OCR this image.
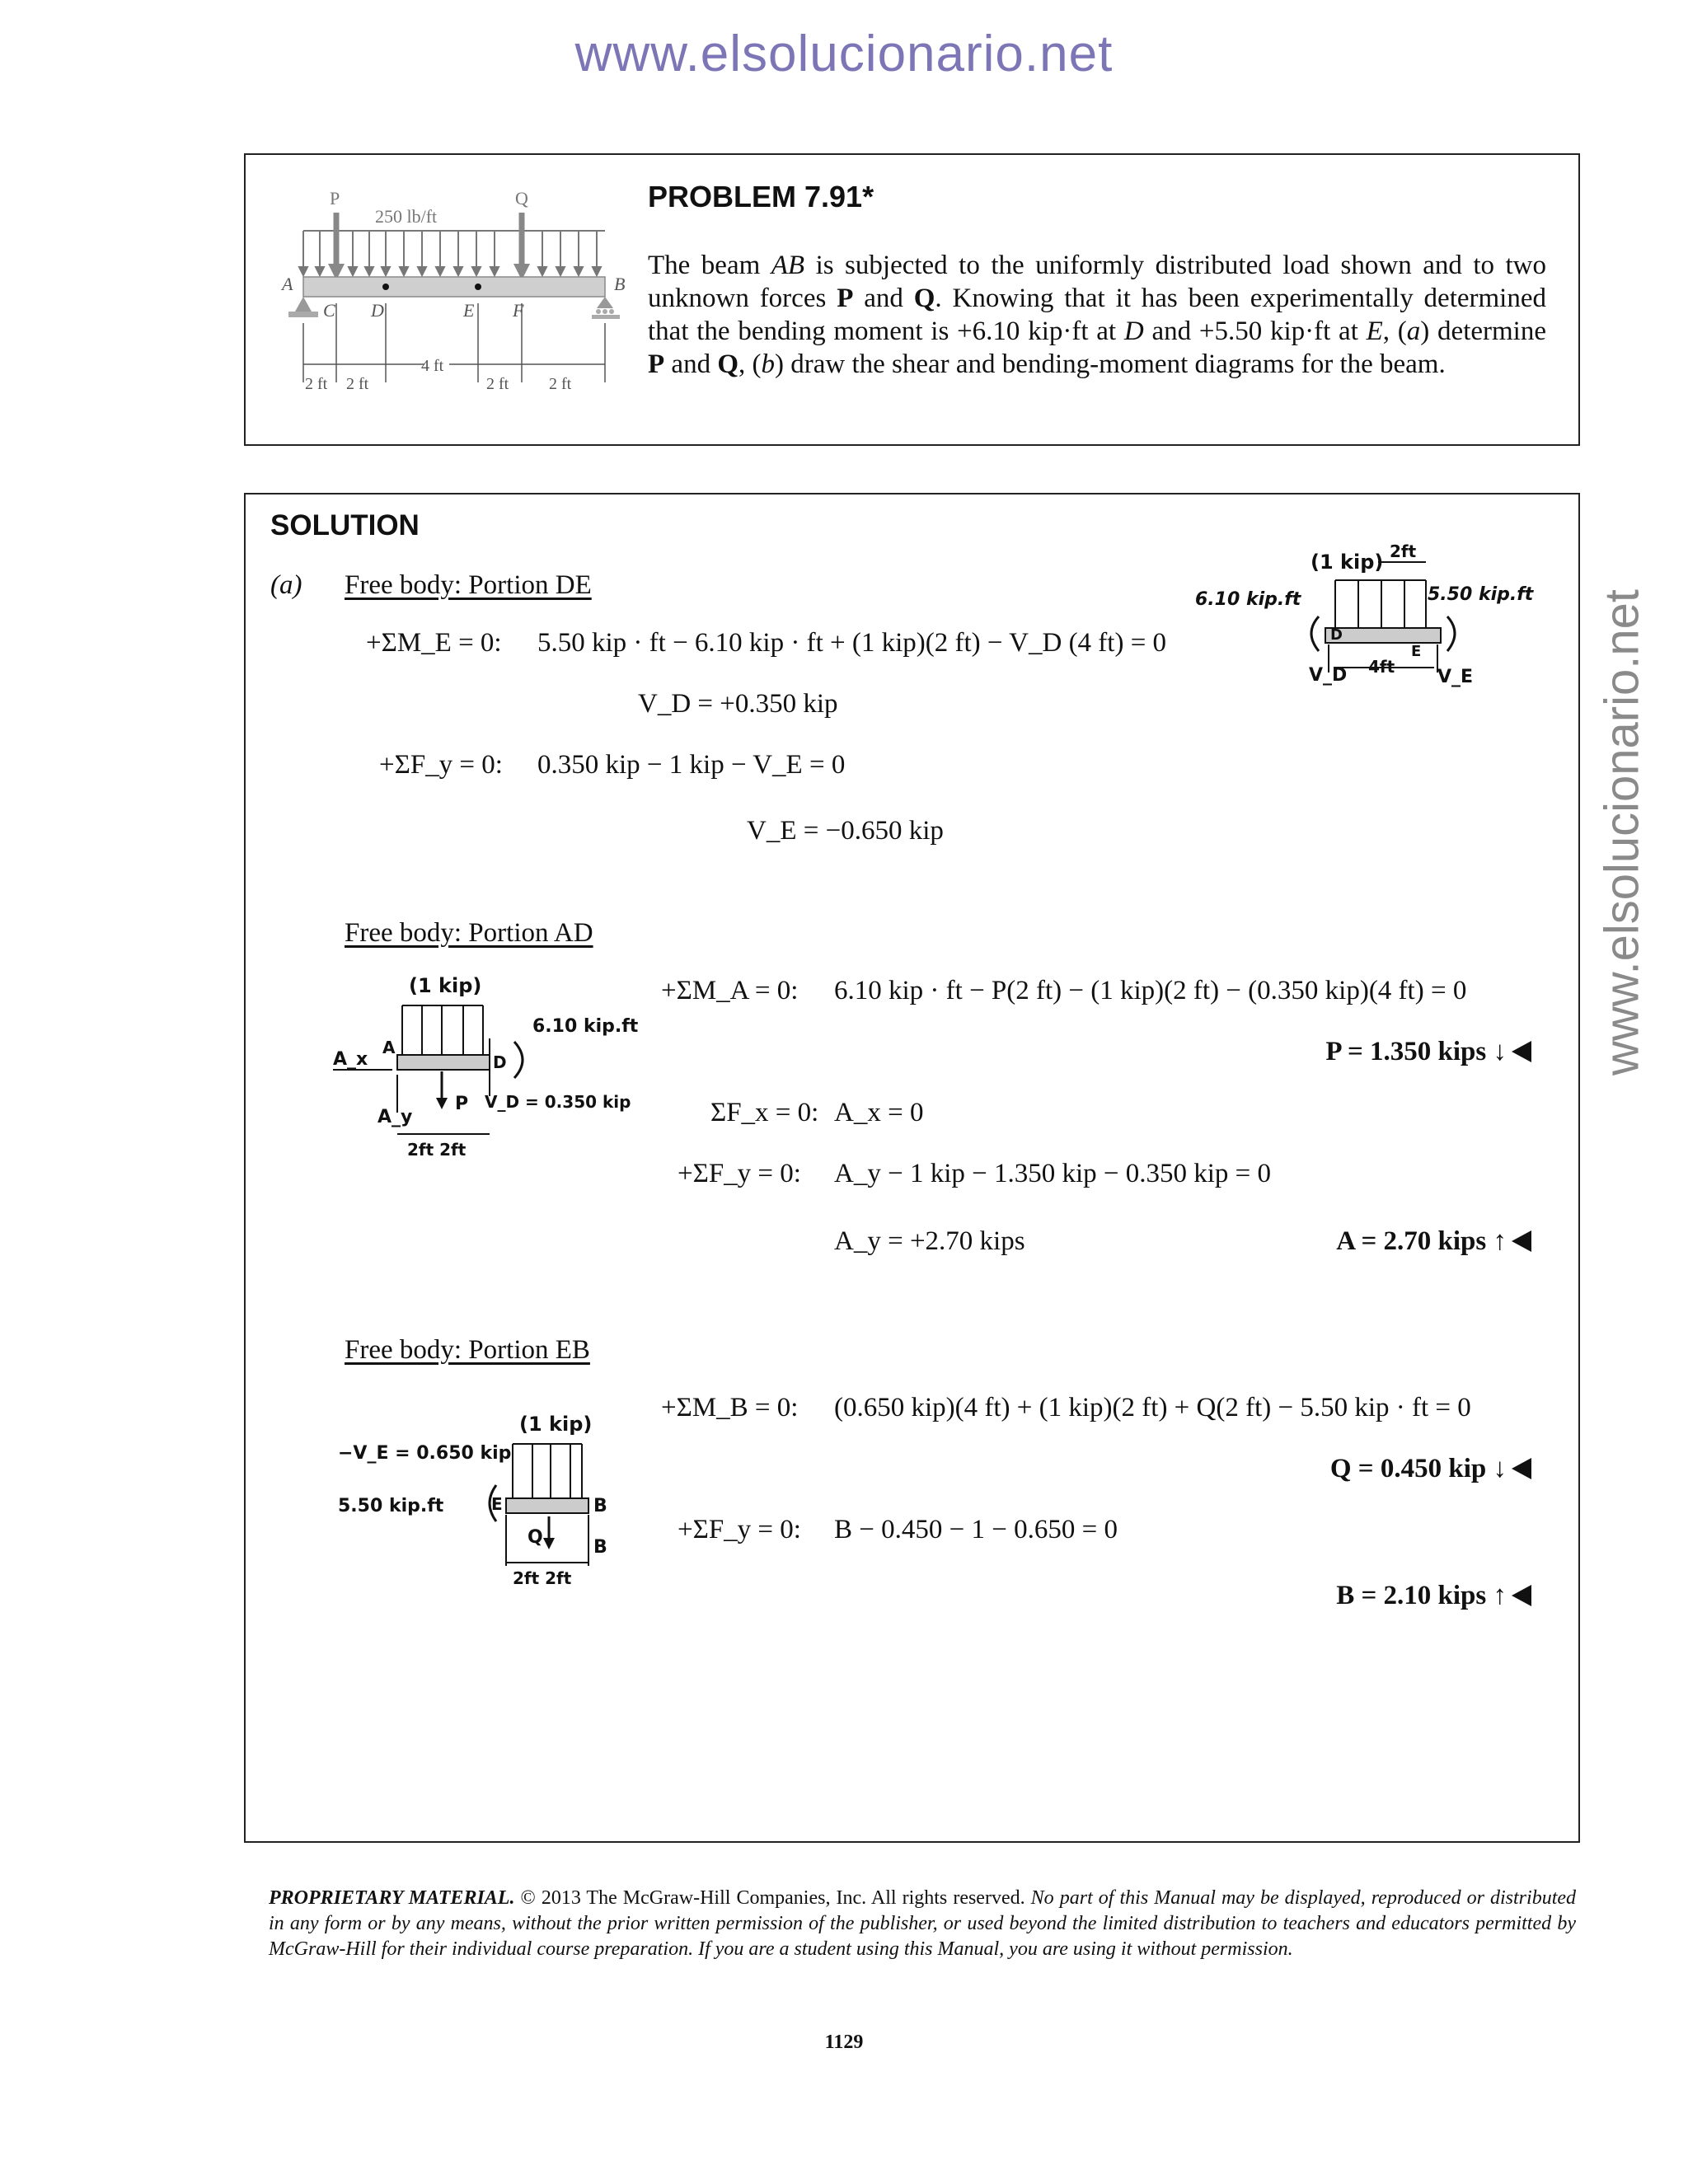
www.elsolucionario.net
www.elsolucionario.net
P	Q
250 lb/ft
A	B
C D	E F
2 ft 2 ft
4 ft
2 ft 2 ft
PROBLEM 7.91*
The beam AB is subjected to the uniformly distributed load shown and to two unknown forces P and Q. Knowing that it has been experimentally determined that the bending moment is +6.10 kip·ft at D and +5.50 kip·ft at E, (a) determine P and Q, (b) draw the shear and bending-moment diagrams for the beam.
SOLUTION
(a) Free body: Portion DE
+ΣM_E = 0: 5.50 kip · ft − 6.10 kip · ft + (1 kip)(2 ft) − V_D (4 ft) = 0
V_D = +0.350 kip
+ΣF_y = 0: 0.350 kip − 1 kip − V_E = 0
V_E = −0.650 kip
(1 kip) 2ft
6.10 kip.ft	5.50 kip.ft
D
E
V_D 4ft V_E
Free body: Portion AD
+ΣM_A = 0: 6.10 kip · ft − P(2 ft) − (1 kip)(2 ft) − (0.350 kip)(4 ft) = 0
P = 1.350 kips ↓
ΣF_x = 0: A_x = 0
+ΣF_y = 0: A_y − 1 kip − 1.350 kip − 0.350 kip = 0
A_y = +2.70 kips	A = 2.70 kips ↑
(1 kip)
6.10 kip.ft
A_x
A
A_y
P
D
V_D = 0.350 kip
2ft 2ft
Free body: Portion EB
+ΣM_B = 0: (0.650 kip)(4 ft) + (1 kip)(2 ft) + Q(2 ft) − 5.50 kip · ft = 0
Q = 0.450 kip ↓
+ΣF_y = 0: B − 0.450 − 1 − 0.650 = 0
B = 2.10 kips ↑
(1 kip)
−V_E = 0.650 kip
5.50 kip.ft	E	B
Q	B
2ft 2ft
PROPRIETARY MATERIAL. © 2013 The McGraw-Hill Companies, Inc. All rights reserved. No part of this Manual may be displayed, reproduced or distributed in any form or by any means, without the prior written permission of the publisher, or used beyond the limited distribution to teachers and educators permitted by McGraw-Hill for their individual course preparation. If you are a student using this Manual, you are using it without permission.
1129
